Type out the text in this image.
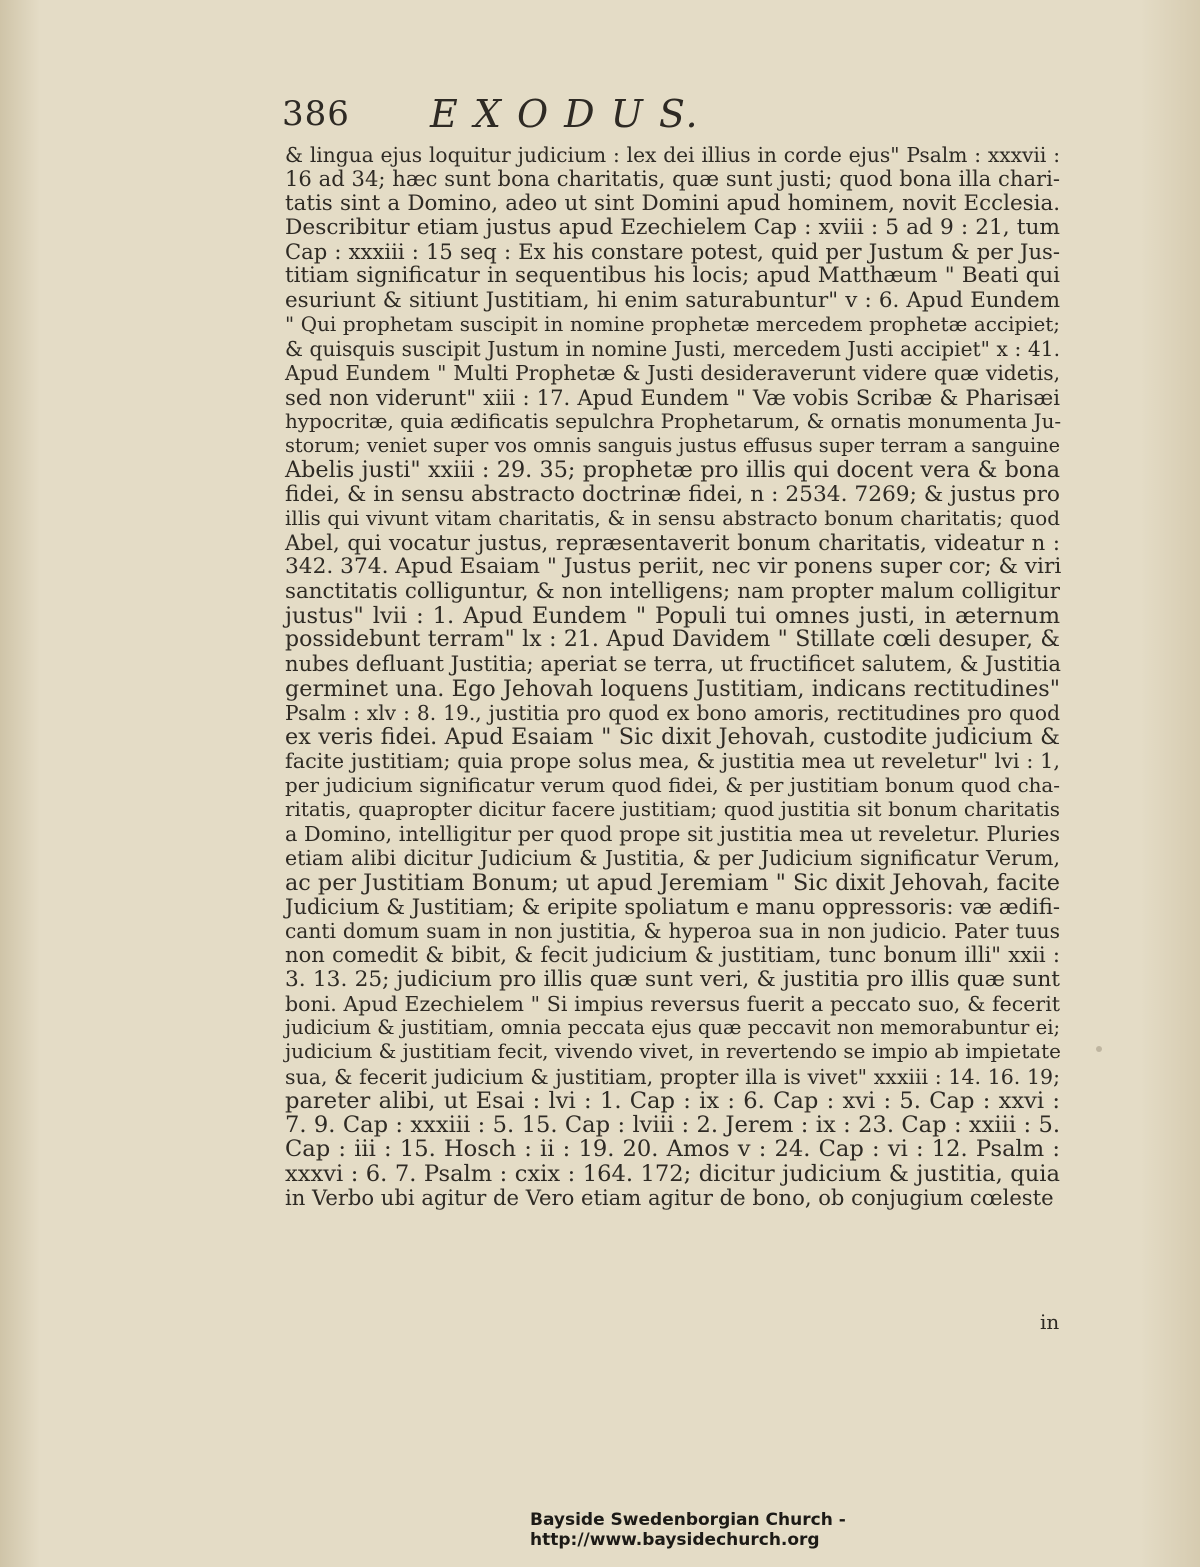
386 E X O D U S.
& lingua ejus loquitur judicium : lex dei illius in corde ejus" Psalm : xxxvii :
16 ad 34; hæc sunt bona charitatis, quæ sunt justi; quod bona illa chari-
tatis sint a Domino, adeo ut sint Domini apud hominem, novit Ecclesia.
Describitur etiam justus apud Ezechielem Cap : xviii : 5 ad 9 : 21, tum
Cap : xxxiii : 15 seq : Ex his constare potest, quid per Justum & per Jus-
titiam significatur in sequentibus his locis; apud Matthæum " Beati qui
esuriunt & sitiunt Justitiam, hi enim saturabuntur" v : 6. Apud Eundem
" Qui prophetam suscipit in nomine prophetæ mercedem prophetæ accipiet;
& quisquis suscipit Justum in nomine Justi, mercedem Justi accipiet" x : 41.
Apud Eundem " Multi Prophetæ & Justi desideraverunt videre quæ videtis,
sed non viderunt" xiii : 17. Apud Eundem " Væ vobis Scribæ & Pharisæi
hypocritæ, quia ædificatis sepulchra Prophetarum, & ornatis monumenta Ju-
storum; veniet super vos omnis sanguis justus effusus super terram a sanguine
Abelis justi" xxiii : 29. 35; prophetæ pro illis qui docent vera & bona
fidei, & in sensu abstracto doctrinæ fidei, n : 2534. 7269; & justus pro
illis qui vivunt vitam charitatis, & in sensu abstracto bonum charitatis; quod
Abel, qui vocatur justus, repræsentaverit bonum charitatis, videatur n :
342. 374. Apud Esaiam " Justus periit, nec vir ponens super cor; & viri
sanctitatis colliguntur, & non intelligens; nam propter malum colligitur
justus" lvii : 1. Apud Eundem " Populi tui omnes justi, in æternum
possidebunt terram" lx : 21. Apud Davidem " Stillate cœli desuper, &
nubes defluant Justitia; aperiat se terra, ut fructificet salutem, & Justitia
germinet una. Ego Jehovah loquens Justitiam, indicans rectitudines"
Psalm : xlv : 8. 19., justitia pro quod ex bono amoris, rectitudines pro quod
ex veris fidei. Apud Esaiam " Sic dixit Jehovah, custodite judicium &
facite justitiam; quia prope solus mea, & justitia mea ut reveletur" lvi : 1,
per judicium significatur verum quod fidei, & per justitiam bonum quod cha-
ritatis, quapropter dicitur facere justitiam; quod justitia sit bonum charitatis
a Domino, intelligitur per quod prope sit justitia mea ut reveletur. Pluries
etiam alibi dicitur Judicium & Justitia, & per Judicium significatur Verum,
ac per Justitiam Bonum; ut apud Jeremiam " Sic dixit Jehovah, facite
Judicium & Justitiam; & eripite spoliatum e manu oppressoris: væ ædifi-
canti domum suam in non justitia, & hyperoa sua in non judicio. Pater tuus
non comedit & bibit, & fecit judicium & justitiam, tunc bonum illi" xxii :
3. 13. 25; judicium pro illis quæ sunt veri, & justitia pro illis quæ sunt
boni. Apud Ezechielem " Si impius reversus fuerit a peccato suo, & fecerit
judicium & justitiam, omnia peccata ejus quæ peccavit non memorabuntur ei;
judicium & justitiam fecit, vivendo vivet, in revertendo se impio ab impietate
sua, & fecerit judicium & justitiam, propter illa is vivet" xxxiii : 14. 16. 19;
pareter alibi, ut Esai : lvi : 1. Cap : ix : 6. Cap : xvi : 5. Cap : xxvi :
7. 9. Cap : xxxiii : 5. 15. Cap : lviii : 2. Jerem : ix : 23. Cap : xxiii : 5.
Cap : iii : 15. Hosch : ii : 19. 20. Amos v : 24. Cap : vi : 12. Psalm :
xxxvi : 6. 7. Psalm : cxix : 164. 172; dicitur judicium & justitia, quia
in Verbo ubi agitur de Vero etiam agitur de bono, ob conjugium cœleste
in
Bayside Swedenborgian Church - http://www.baysidechurch.org
